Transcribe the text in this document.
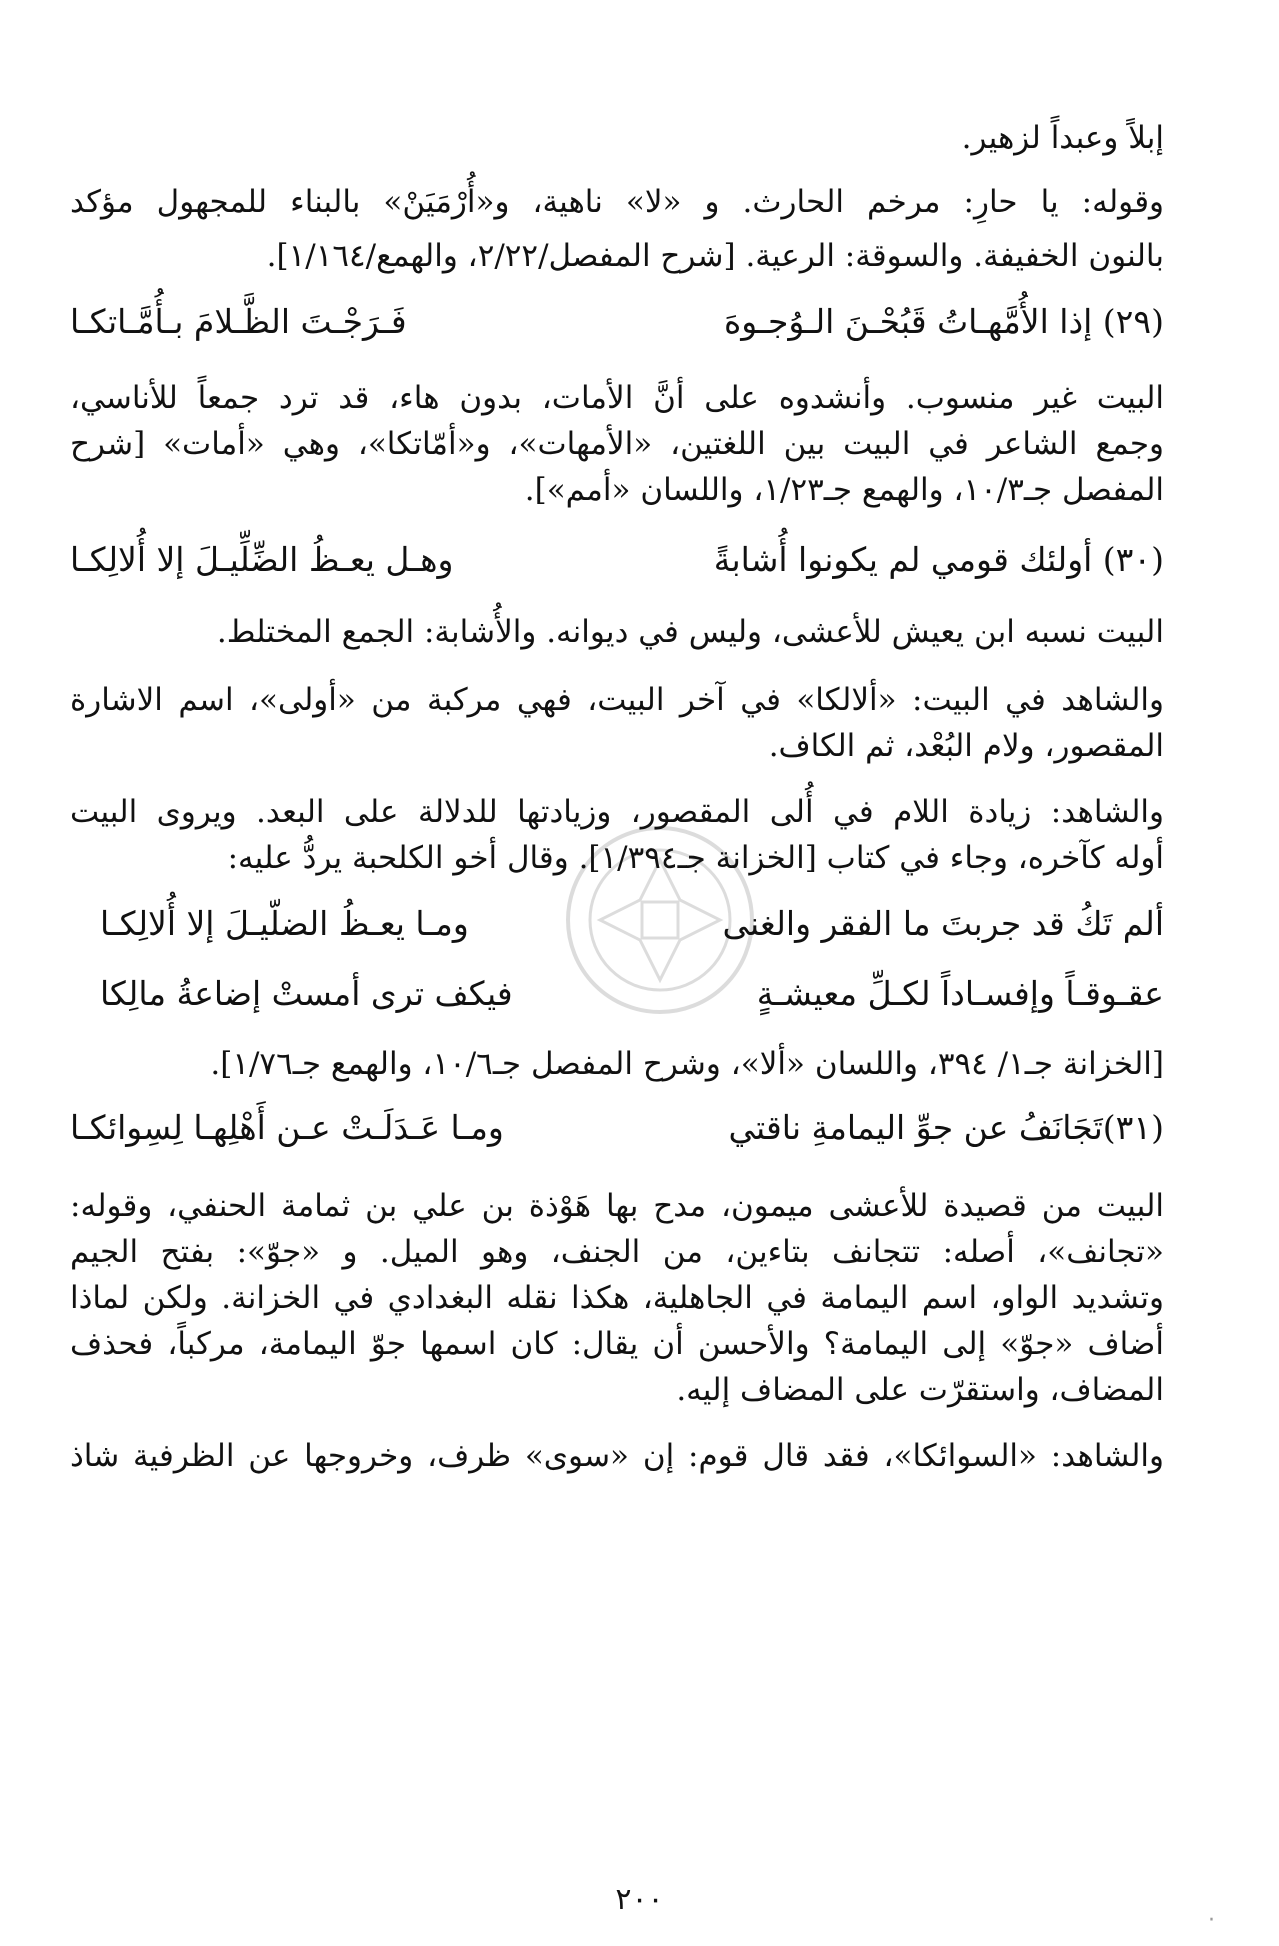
إبلاً وعبداً لزهير.
وقوله: يا حارِ: مرخم الحارث. و «لا» ناهية، و«أُرْمَيَنْ» بالبناء للمجهول مؤكد
بالنون الخفيفة. والسوقة: الرعية. [شرح المفصل/٢/٢٢، والهمع/١/١٦٤].
(٢٩) إذا الأُمَّهـاتُ قَبُحْـنَ الـوُجـوهَ
فَـرَجْـتَ الظَّـلامَ بـأُمَّـاتكـا
البيت غير منسوب. وأنشدوه على أنَّ الأمات، بدون هاء، قد ترد جمعاً للأناسي،
وجمع الشاعر في البيت بين اللغتين، «الأمهات»، و«أمّاتكا»، وهي «أمات» [شرح
المفصل جـ١٠/٣، والهمع جـ١/٢٣، واللسان «أمم»].
(٣٠) أولئك قومي لم يكونوا أُشابةً
وهـل يعـظُ الضِّلِّيـلَ إلا أُلالِكـا
البيت نسبه ابن يعيش للأعشى، وليس في ديوانه. والأُشابة: الجمع المختلط.
والشاهد في البيت: «ألالكا» في آخر البيت، فهي مركبة من «أولى»، اسم الاشارة
المقصور، ولام البُعْد، ثم الكاف.
والشاهد: زيادة اللام في أُلى المقصور، وزيادتها للدلالة على البعد. ويروى البيت
أوله كآخره، وجاء في كتاب [الخزانة جـ١/٣٩٤]. وقال أخو الكلحبة يردُّ عليه:
ألم تَكُ قد جربتَ ما الفقر والغنى
ومـا يعـظُ الضلّيـلَ إلا أُلالِكـا
عقـوقـاً وإفسـاداً لكـلِّ معيشـةٍ
فيكف ترى أمستْ إضاعةُ مالِكا
[الخزانة جـ١/ ٣٩٤، واللسان «ألا»، وشرح المفصل جـ١٠/٦، والهمع جـ١/٧٦].
(٣١)تَجَانَفُ عن جوِّ اليمامةِ ناقتي
ومـا عَـدَلَـتْ عـن أَهْلِهـا لِسِوائكـا
البيت من قصيدة للأعشى ميمون، مدح بها هَوْذة بن علي بن ثمامة الحنفي، وقوله:
«تجانف»، أصله: تتجانف بتاءين، من الجنف، وهو الميل. و «جوّ»: بفتح الجيم
وتشديد الواو، اسم اليمامة في الجاهلية، هكذا نقله البغدادي في الخزانة. ولكن لماذا
أضاف «جوّ» إلى اليمامة؟ والأحسن أن يقال: كان اسمها جوّ اليمامة، مركباً، فحذف
المضاف، واستقرّت على المضاف إليه.
والشاهد: «السوائكا»، فقد قال قوم: إن «سوى» ظرف، وخروجها عن الظرفية شاذ
٢٠٠
·
